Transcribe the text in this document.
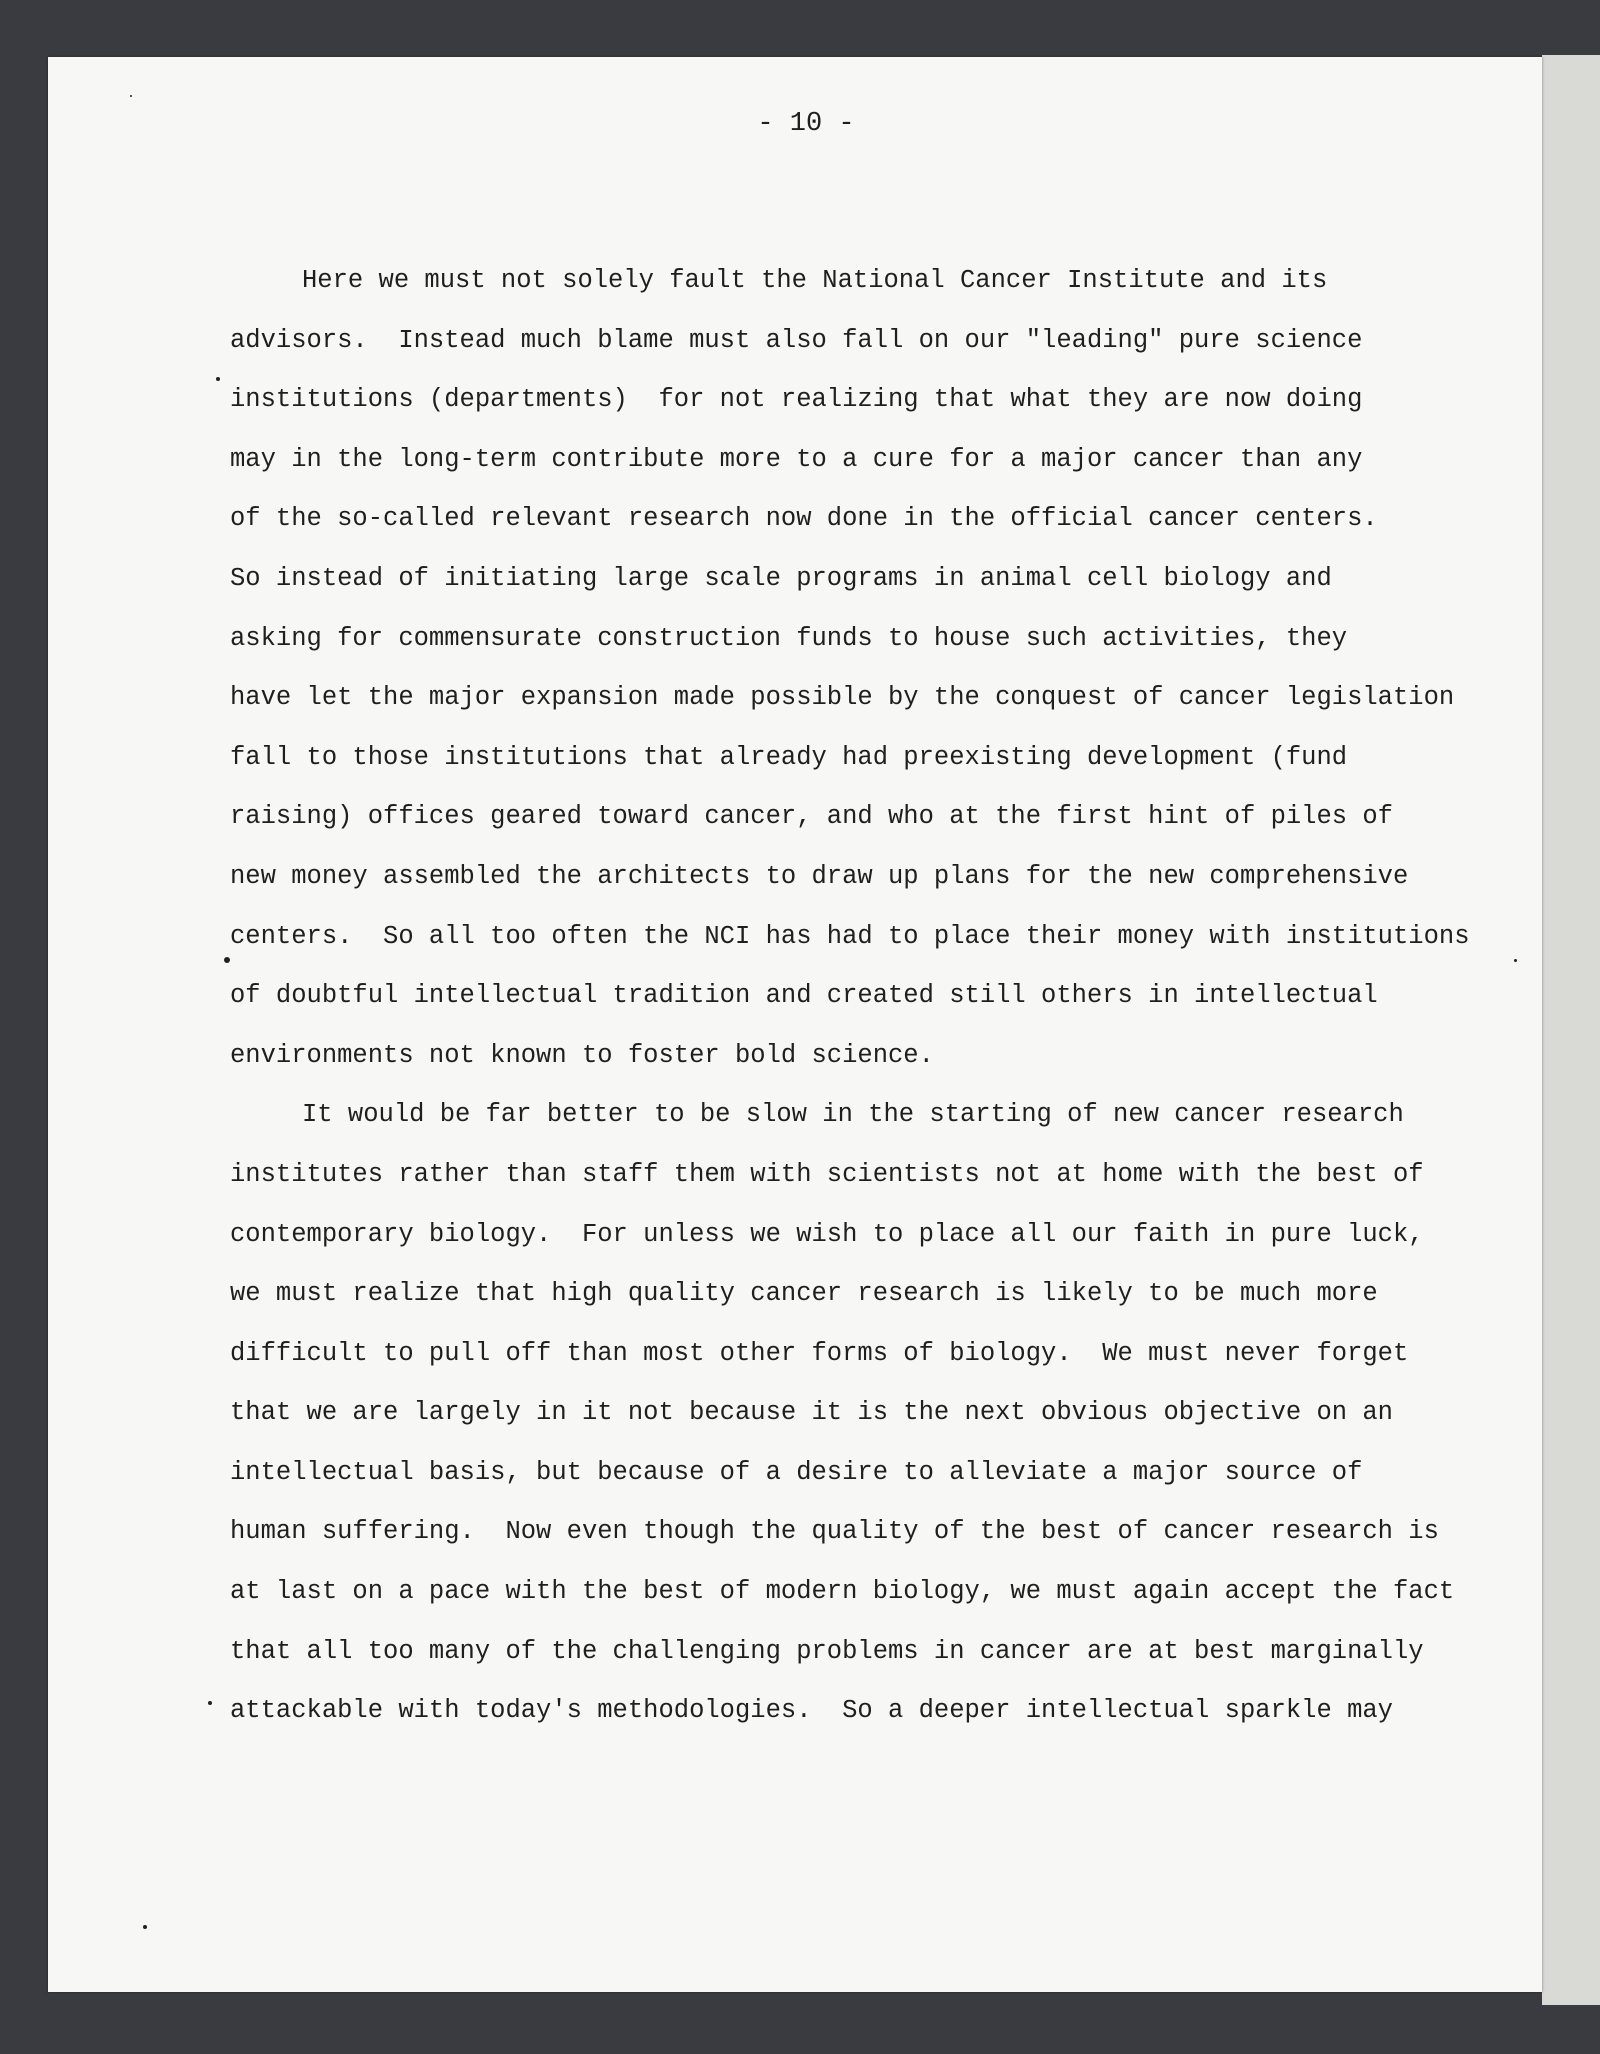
- 10 -
Here we must not solely fault the National Cancer Institute and its
advisors.  Instead much blame must also fall on our "leading" pure science
institutions (departments)  for not realizing that what they are now doing
may in the long-term contribute more to a cure for a major cancer than any
of the so-called relevant research now done in the official cancer centers.
So instead of initiating large scale programs in animal cell biology and
asking for commensurate construction funds to house such activities, they
have let the major expansion made possible by the conquest of cancer legislation
fall to those institutions that already had preexisting development (fund
raising) offices geared toward cancer, and who at the first hint of piles of
new money assembled the architects to draw up plans for the new comprehensive
centers.  So all too often the NCI has had to place their money with institutions
of doubtful intellectual tradition and created still others in intellectual
environments not known to foster bold science.
It would be far better to be slow in the starting of new cancer research
institutes rather than staff them with scientists not at home with the best of
contemporary biology.  For unless we wish to place all our faith in pure luck,
we must realize that high quality cancer research is likely to be much more
difficult to pull off than most other forms of biology.  We must never forget
that we are largely in it not because it is the next obvious objective on an
intellectual basis, but because of a desire to alleviate a major source of
human suffering.  Now even though the quality of the best of cancer research is
at last on a pace with the best of modern biology, we must again accept the fact
that all too many of the challenging problems in cancer are at best marginally
attackable with today's methodologies.  So a deeper intellectual sparkle may
